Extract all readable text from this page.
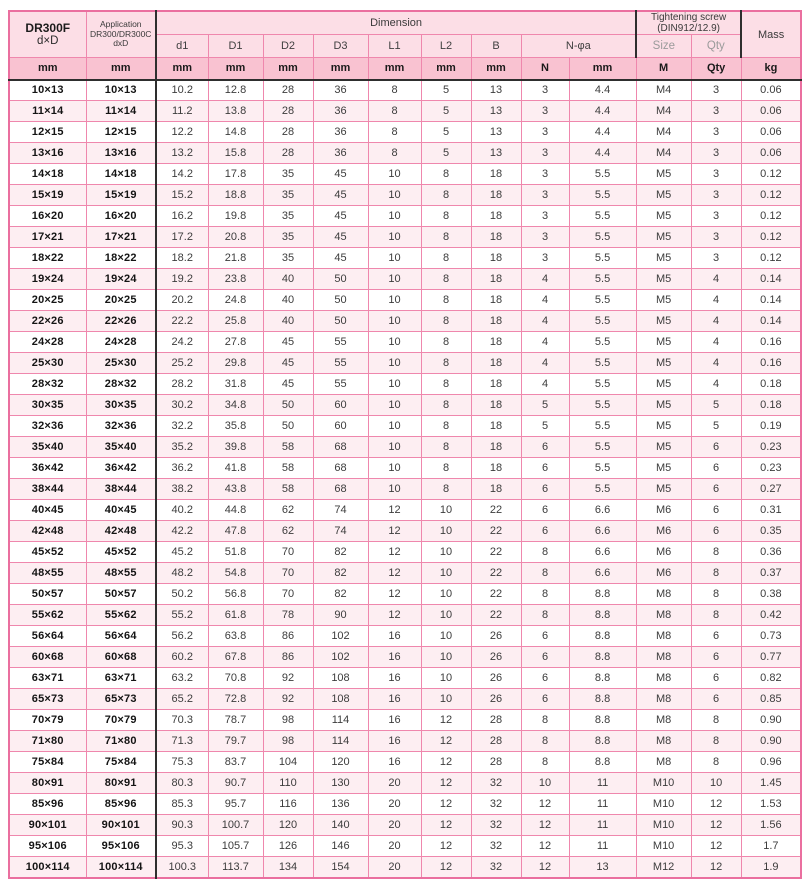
DR300F
d×D

Application
DR300/DR300C
dxD
	Dimension	Tightening screw
(DIN912/12.9)	Mass
		d1	D1	D2	D3	L1	L2	B	N-φa		Size	Qty	
mm	mm	mm	mm	mm	mm	mm	mm	mm	N	mm	M	Qty	kg
10×13	10×13	10.2	12.8	28	36	8	5	13	3	4.4	M4	3	0.06
11×14	11×14	11.2	13.8	28	36	8	5	13	3	4.4	M4	3	0.06
12×15	12×15	12.2	14.8	28	36	8	5	13	3	4.4	M4	3	0.06
13×16	13×16	13.2	15.8	28	36	8	5	13	3	4.4	M4	3	0.06
14×18	14×18	14.2	17.8	35	45	10	8	18	3	5.5	M5	3	0.12
15×19	15×19	15.2	18.8	35	45	10	8	18	3	5.5	M5	3	0.12
16×20	16×20	16.2	19.8	35	45	10	8	18	3	5.5	M5	3	0.12
17×21	17×21	17.2	20.8	35	45	10	8	18	3	5.5	M5	3	0.12
18×22	18×22	18.2	21.8	35	45	10	8	18	3	5.5	M5	3	0.12
19×24	19×24	19.2	23.8	40	50	10	8	18	4	5.5	M5	4	0.14
20×25	20×25	20.2	24.8	40	50	10	8	18	4	5.5	M5	4	0.14
22×26	22×26	22.2	25.8	40	50	10	8	18	4	5.5	M5	4	0.14
24×28	24×28	24.2	27.8	45	55	10	8	18	4	5.5	M5	4	0.16
25×30	25×30	25.2	29.8	45	55	10	8	18	4	5.5	M5	4	0.16
28×32	28×32	28.2	31.8	45	55	10	8	18	4	5.5	M5	4	0.18
30×35	30×35	30.2	34.8	50	60	10	8	18	5	5.5	M5	5	0.18
32×36	32×36	32.2	35.8	50	60	10	8	18	5	5.5	M5	5	0.19
35×40	35×40	35.2	39.8	58	68	10	8	18	6	5.5	M5	6	0.23
36×42	36×42	36.2	41.8	58	68	10	8	18	6	5.5	M5	6	0.23
38×44	38×44	38.2	43.8	58	68	10	8	18	6	5.5	M5	6	0.27
40×45	40×45	40.2	44.8	62	74	12	10	22	6	6.6	M6	6	0.31
42×48	42×48	42.2	47.8	62	74	12	10	22	6	6.6	M6	6	0.35
45×52	45×52	45.2	51.8	70	82	12	10	22	8	6.6	M6	8	0.36
48×55	48×55	48.2	54.8	70	82	12	10	22	8	6.6	M6	8	0.37
50×57	50×57	50.2	56.8	70	82	12	10	22	8	8.8	M8	8	0.38
55×62	55×62	55.2	61.8	78	90	12	10	22	8	8.8	M8	8	0.42
56×64	56×64	56.2	63.8	86	102	16	10	26	6	8.8	M8	6	0.73
60×68	60×68	60.2	67.8	86	102	16	10	26	6	8.8	M8	6	0.77
63×71	63×71	63.2	70.8	92	108	16	10	26	6	8.8	M8	6	0.82
65×73	65×73	65.2	72.8	92	108	16	10	26	6	8.8	M8	6	0.85
70×79	70×79	70.3	78.7	98	114	16	12	28	8	8.8	M8	8	0.90
71×80	71×80	71.3	79.7	98	114	16	12	28	8	8.8	M8	8	0.90
75×84	75×84	75.3	83.7	104	120	16	12	28	8	8.8	M8	8	0.96
80×91	80×91	80.3	90.7	110	130	20	12	32	10	11	M10	10	1.45
85×96	85×96	85.3	95.7	116	136	20	12	32	12	11	M10	12	1.53
90×101	90×101	90.3	100.7	120	140	20	12	32	12	11	M10	12	1.56
95×106	95×106	95.3	105.7	126	146	20	12	32	12	11	M10	12	1.7
100×114	100×114	100.3	113.7	134	154	20	12	32	12	13	M12	12	1.9
